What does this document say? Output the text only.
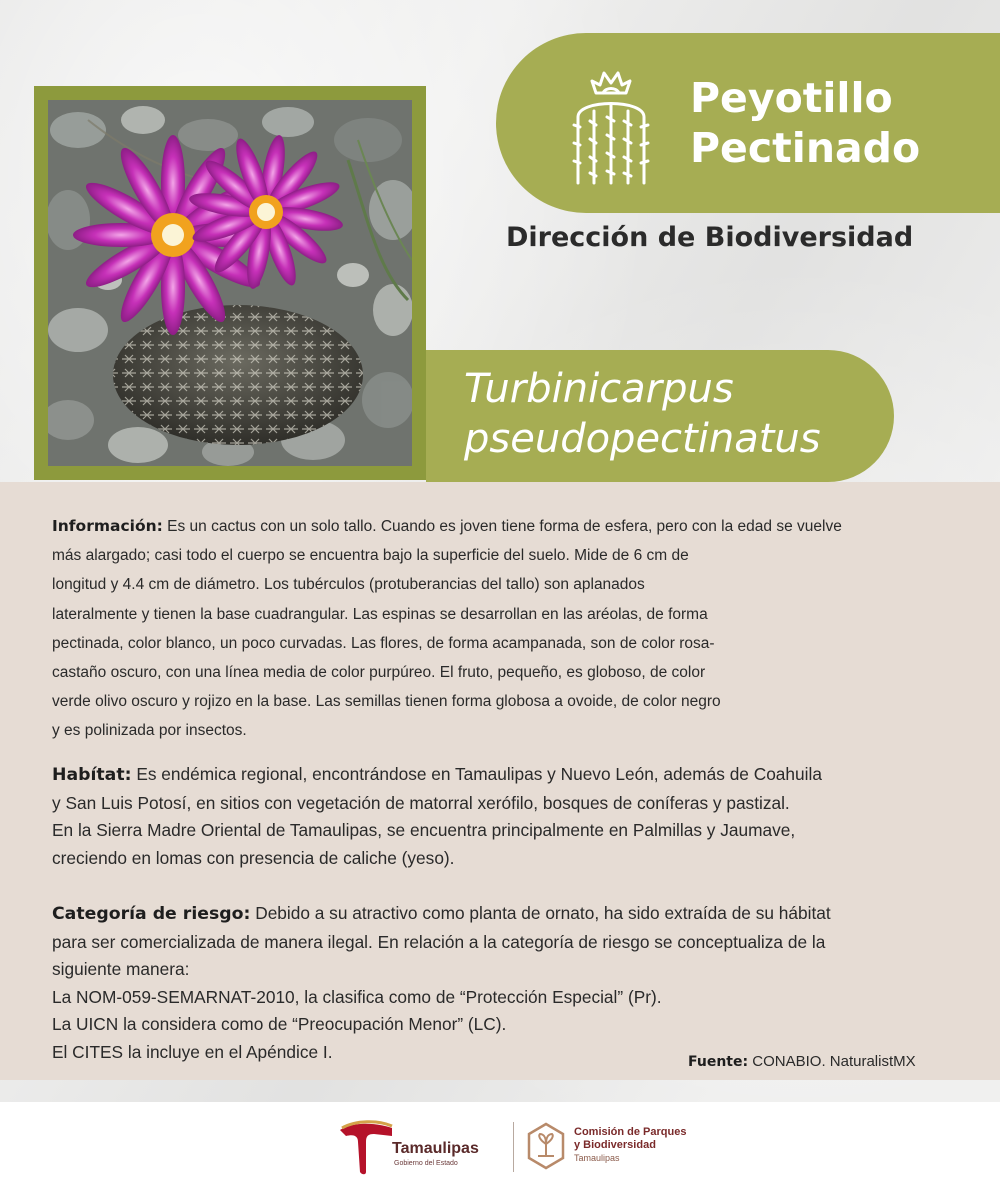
Peyotillo
Pectinado
Dirección de Biodiversidad

Turbinicarpus
pseudopectinatus

Información: Es un cactus con un solo tallo. Cuando es joven tiene forma de esfera, pero con la edad se vuelve
más alargado; casi todo el cuerpo se encuentra bajo la superficie del suelo. Mide de 6 cm de
longitud y 4.4 cm de diámetro. Los tubérculos (protuberancias del tallo) son aplanados
lateralmente y tienen la base cuadrangular. Las espinas se desarrollan en las aréolas, de forma
pectinada, color blanco, un poco curvadas. Las flores, de forma acampanada, son de color rosa-
castaño oscuro, con una línea media de color purpúreo. El fruto, pequeño, es globoso, de color
verde olivo oscuro y rojizo en la base. Las semillas tienen forma globosa a ovoide, de color negro
y es polinizada por insectos.

Habítat: Es endémica regional, encontrándose en Tamaulipas y Nuevo León, además de Coahuila
y San Luis Potosí, en sitios con vegetación de matorral xerófilo, bosques de coníferas y pastizal.
En la Sierra Madre Oriental de Tamaulipas, se encuentra principalmente en Palmillas y Jaumave,
creciendo en lomas con presencia de caliche (yeso).

Categoría de riesgo: Debido a su atractivo como planta de ornato, ha sido extraída de su hábitat
para ser comercializada de manera ilegal. En relación a la categoría de riesgo se conceptualiza de la
siguiente manera:
La NOM-059-SEMARNAT-2010, la clasifica como de “Protección Especial” (Pr).
La UICN la considera como de “Preocupación Menor” (LC).
El CITES la incluye en el Apéndice I.

Fuente: CONABIO. NaturalistMX

Tamaulipas

Gobierno del Estado

Comisión de Parques
y Biodiversidad

Tamaulipas
